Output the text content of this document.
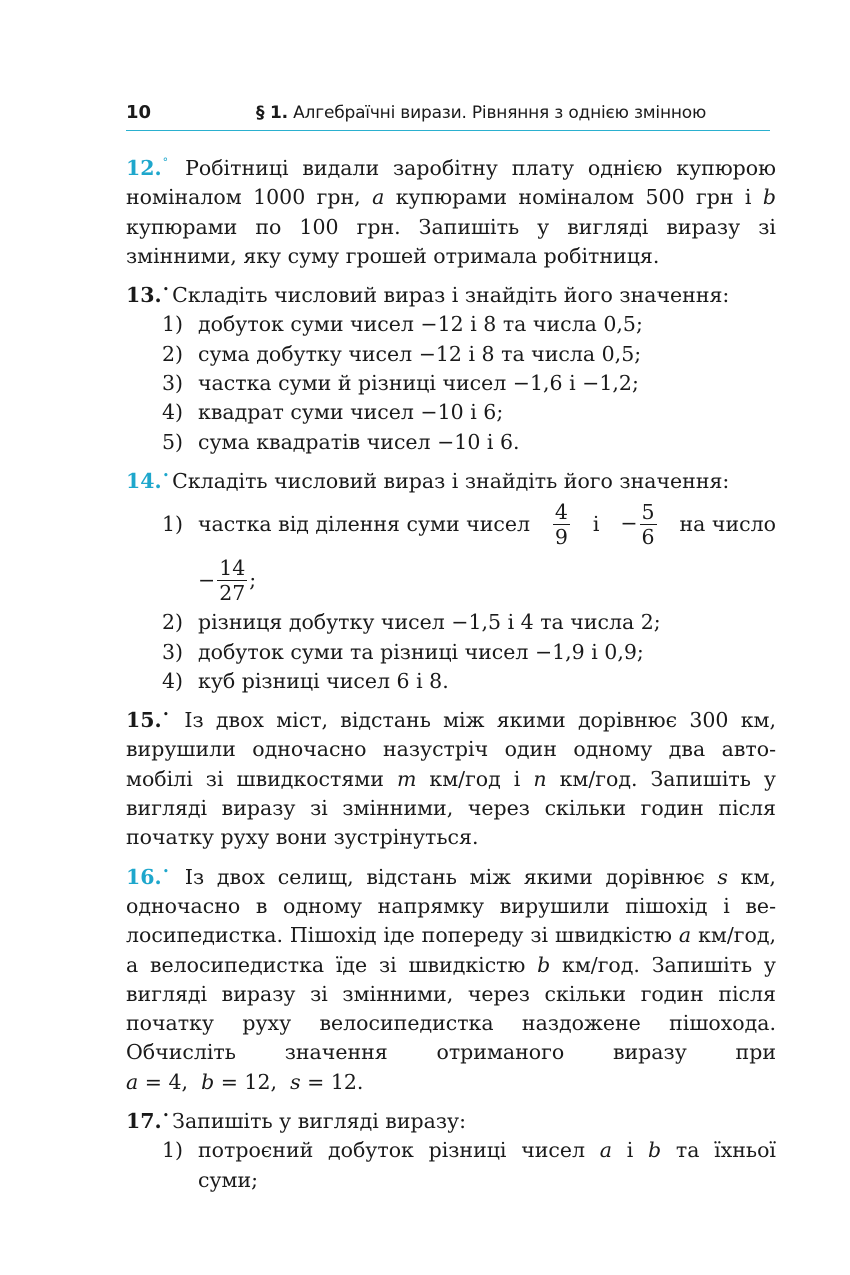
10	§ 1. Алгебраїчні вирази. Рівняння з однією змінною
12.° Робітниці видали заробітну плату однією купюрою номіналом 1000 грн, a купюрами номіналом 500 грн і b купюрами по 100 грн. Запишіть у вигляді виразу зі змінними, яку суму грошей отримала робітниця.
13.• Складіть числовий вираз і знайдіть його значення:
1) добуток суми чисел −12 і 8 та числа 0,5;
2) сума добутку чисел −12 і 8 та числа 0,5;
3) частка суми й різниці чисел −1,6 і −1,2;
4) квадрат суми чисел −10 і 6;
5) сума квадратів чисел −10 і 6.
14.• Складіть числовий вираз і знайдіть його значення:
1) частка від ділення суми чисел $\frac{4}{9}$ $і - \frac{5}{6}$ на число
− $\frac{14}{27}$ ;
2) різниця добутку чисел −1,5 і 4 та числа 2;
3) добуток суми та різниці чисел −1,9 і 0,9;
4) куб різниці чисел 6 і 8.
15.• Із двох міст, відстань між якими дорівнює 300 км, вирушили одночасно назустріч один одному два авто-мобілі зі швидкостями m км/год і n км/год. Запишіть у вигляді виразу зі змінними, через скільки годин після початку руху вони зустрінуться.
16.• Із двох селищ, відстань між якими дорівнює s км, одночасно в одному напрямку вирушили пішохід і ве-лосипедистка. Пішохід іде попереду зі швидкістю a км/год, а велосипедистка їде зі швидкістю b км/год. Запишіть у вигляді виразу зі змінними, через скільки годин після початку руху велосипедистка наздожене пішохода. Обчисліть значення отриманого виразу при a = 4, b = 12, s = 12.
17.• Запишіть у вигляді виразу:
1) потроєний добуток різниці чисел a і b та їхньої суми;
